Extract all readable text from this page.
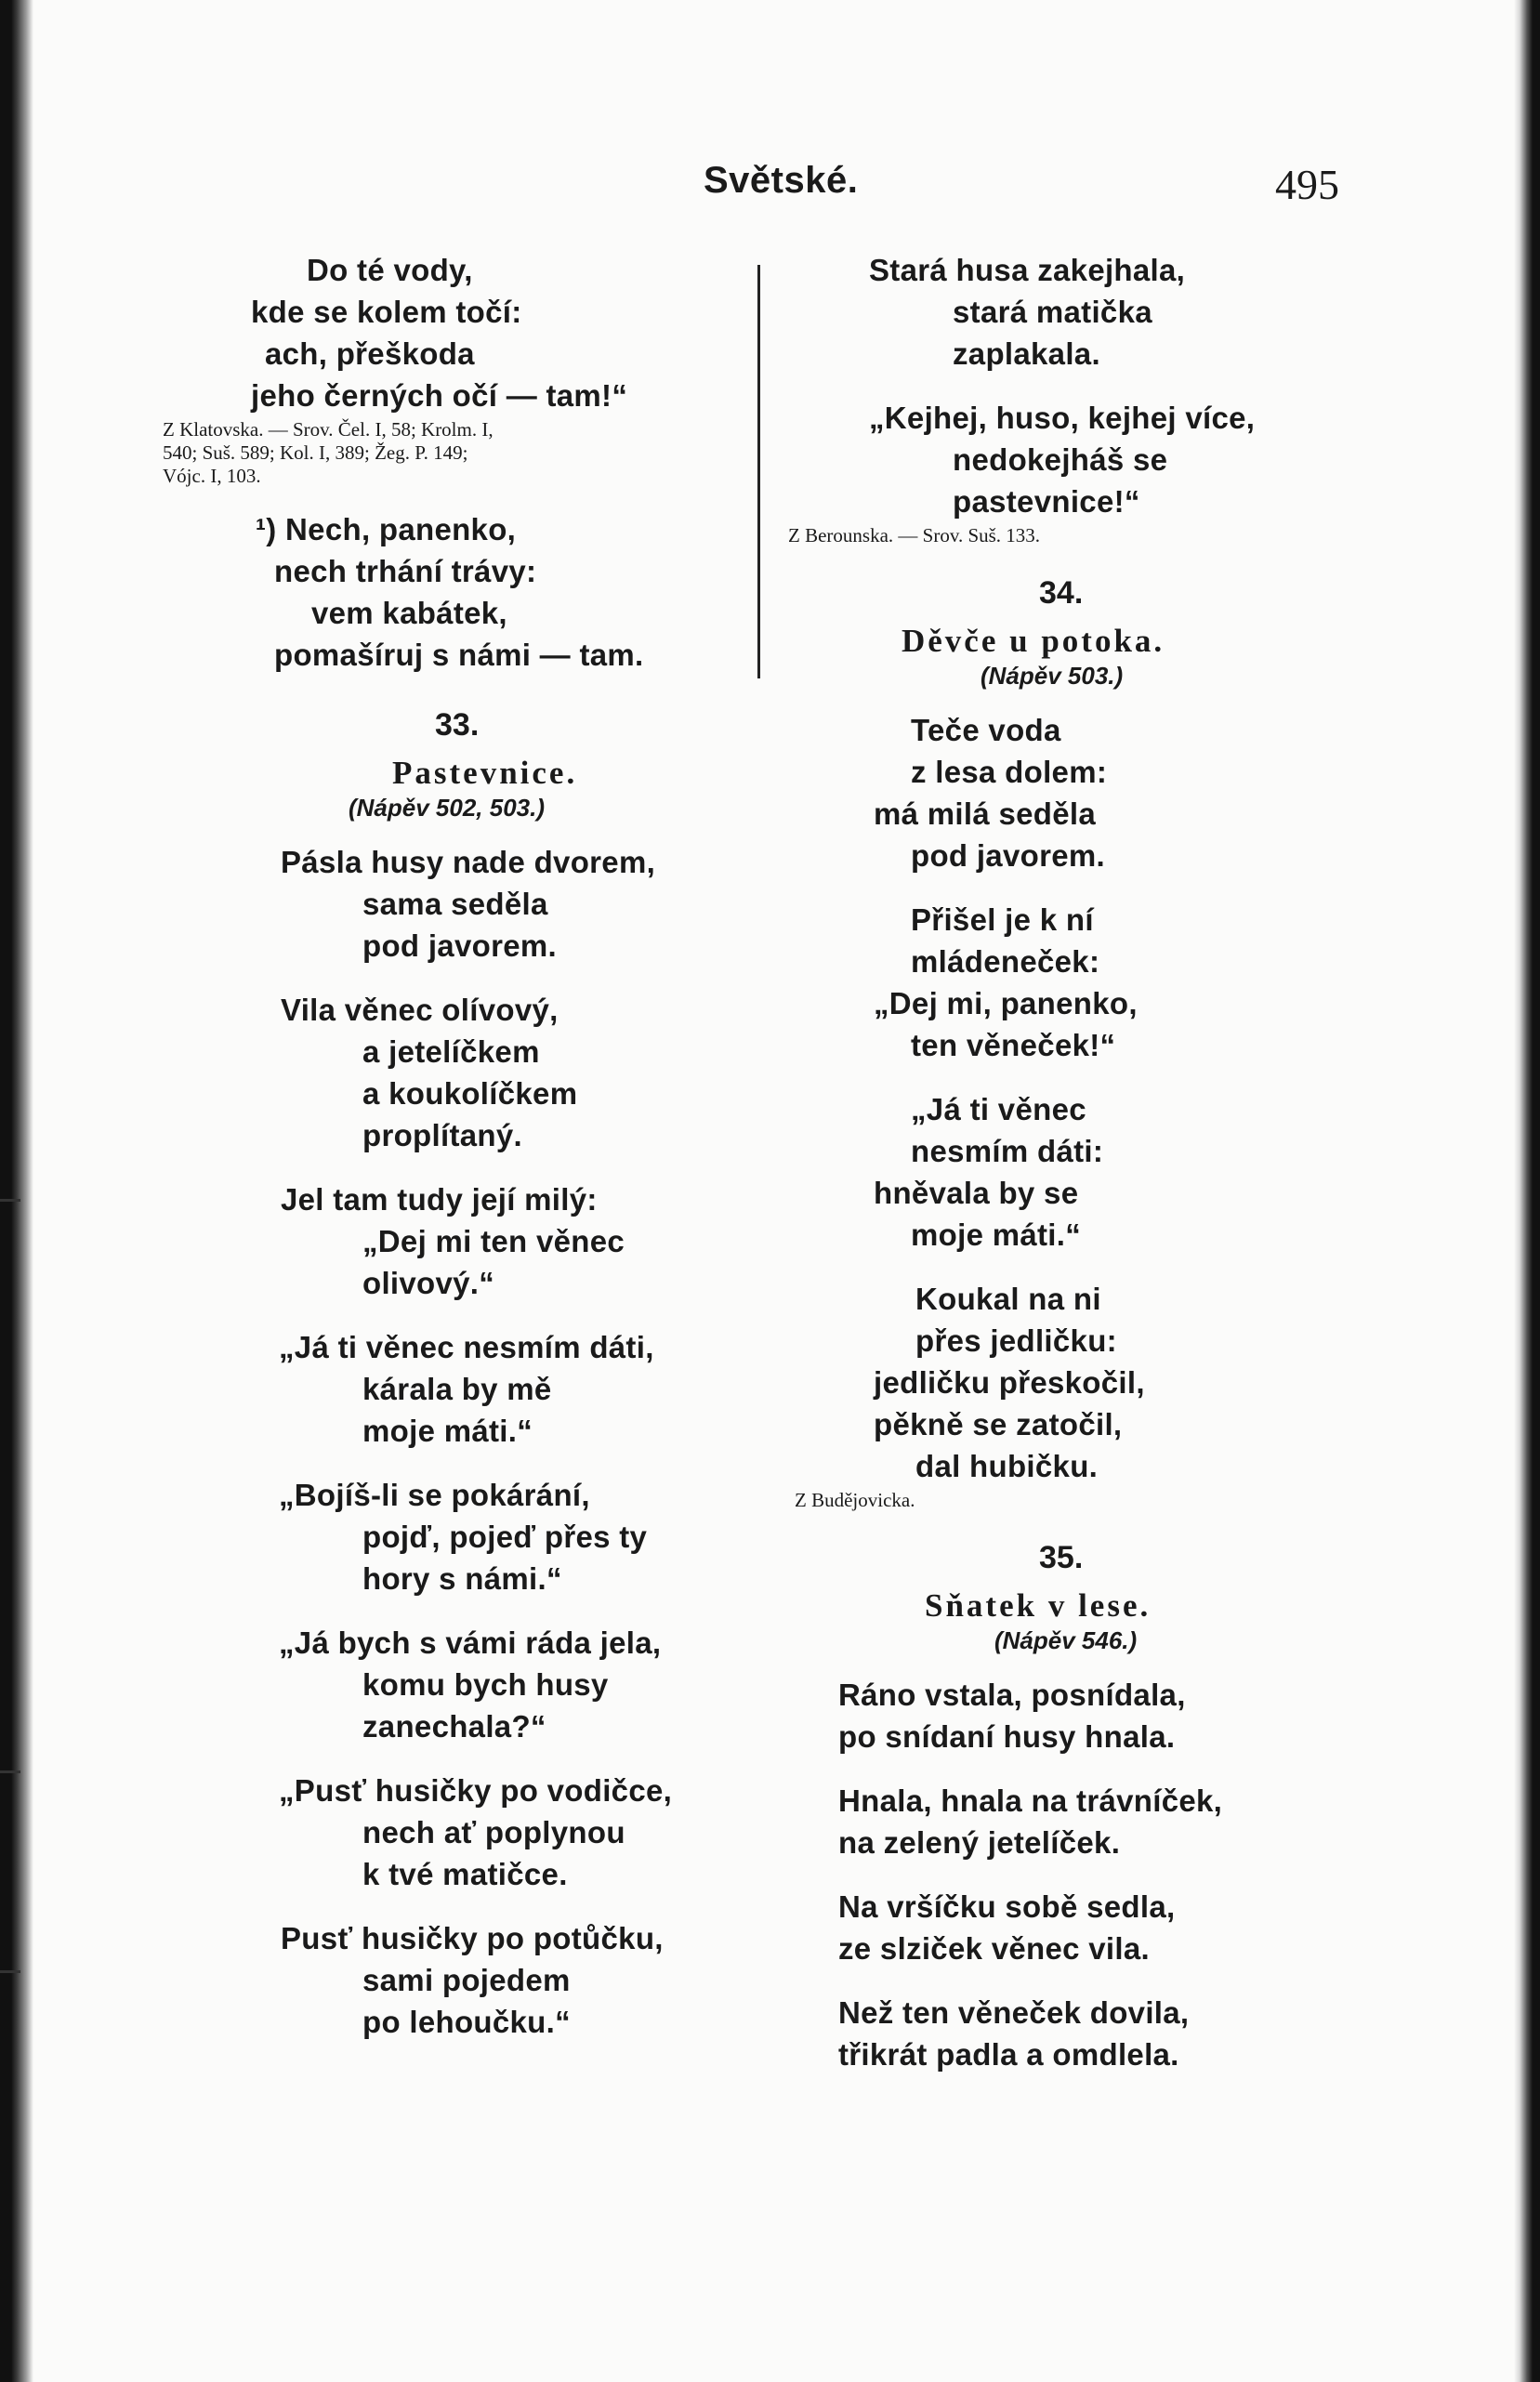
Světské.	495
Do té vody,
kde se kolem točí:
ach, přeškoda
jeho černých očí — tam!“
Z Klatovska. — Srov. Čel. I, 58; Krolm. I,
540; Suš. 589; Kol. I, 389; Žeg. P. 149;
Vójc. I, 103.
¹) Nech, panenko,
nech trhání trávy:
vem kabátek,
pomašíruj s námi — tam.
33.
Pastevnice.
(Nápěv 502, 503.)
Pásla husy nade dvorem,
sama seděla
pod javorem.
Vila věnec olívový,
a jetelíčkem
a koukolíčkem
proplítaný.
Jel tam tudy její milý:
„Dej mi ten věnec
olivový.“
„Já ti věnec nesmím dáti,
kárala by mě
moje máti.“
„Bojíš-li se pokárání,
pojď, pojeď přes ty
hory s námi.“
„Já bych s vámi ráda jela,
komu bych husy
zanechala?“
„Pusť husičky po vodičce,
nech ať poplynou
k tvé matičce.
Pusť husičky po potůčku,
sami pojedem
po lehoučku.“
Stará husa zakejhala,
stará matička
zaplakala.
„Kejhej, huso, kejhej více,
nedokejháš se
pastevnice!“
Z Berounska. — Srov. Suš. 133.
34.
Děvče u potoka.
(Nápěv 503.)
Teče voda
z lesa dolem:
má milá seděla
pod javorem.
Přišel je k ní
mládeneček:
„Dej mi, panenko,
ten věneček!“
„Já ti věnec
nesmím dáti:
hněvala by se
moje máti.“
Koukal na ni
přes jedličku:
jedličku přeskočil,
pěkně se zatočil,
dal hubičku.
Z Budějovicka.
35.
Sňatek v lese.
(Nápěv 546.)
Ráno vstala, posnídala,
po snídaní husy hnala.
Hnala, hnala na trávníček,
na zelený jetelíček.
Na vršíčku sobě sedla,
ze slziček věnec vila.
Než ten věneček dovila,
třikrát padla a omdlela.
